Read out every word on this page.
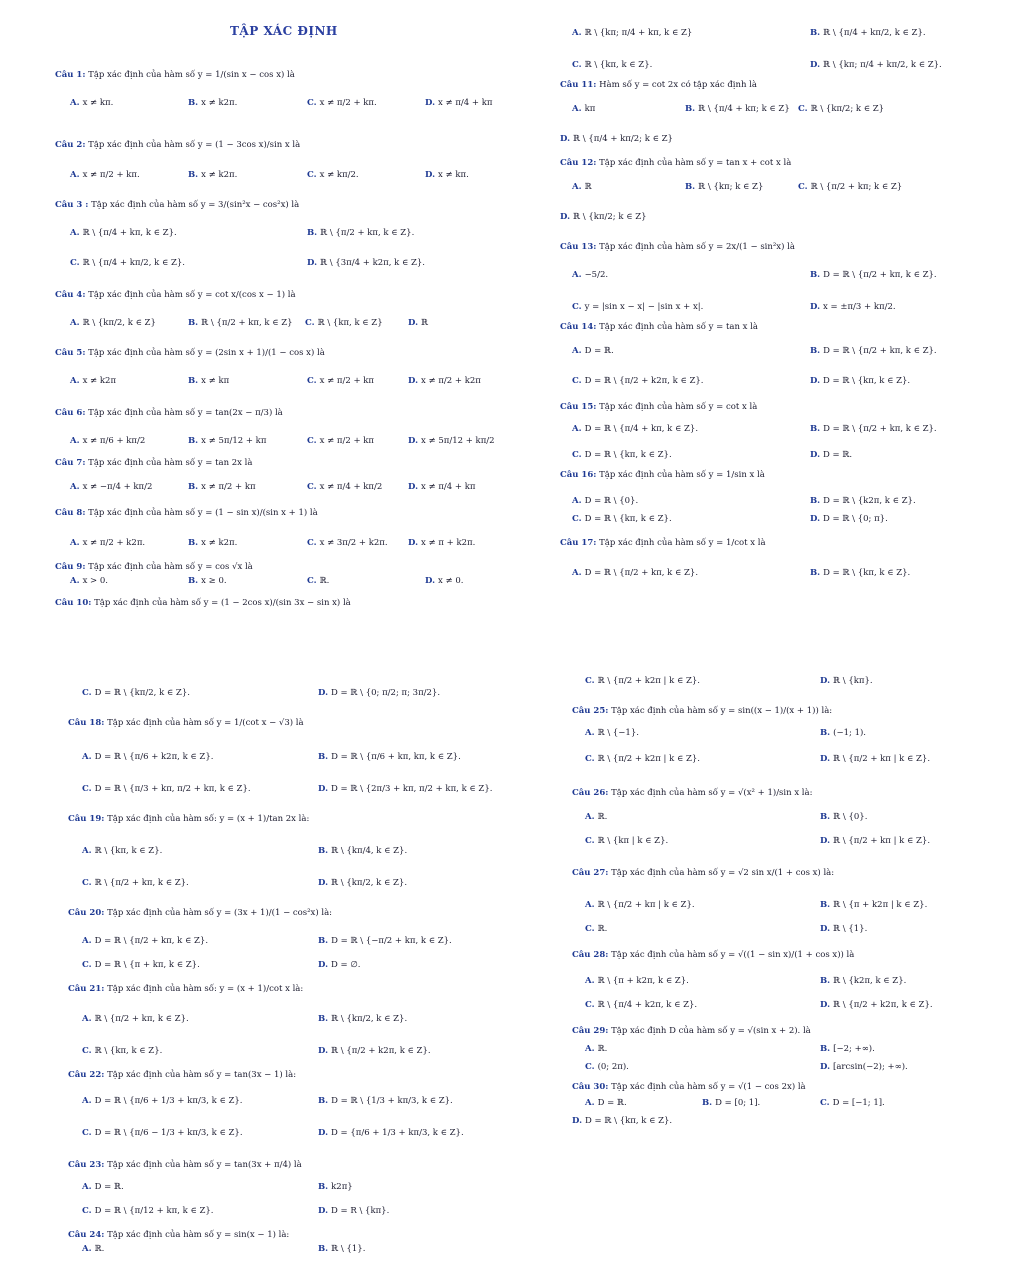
TẬP XÁC ĐỊNH
Câu 1: Tập xác định của hàm số y = 1/(sin x − cos x) là
A. x ≠ kπ.	B. x ≠ k2π.	C. x ≠ π/2 + kπ.	D. x ≠ π/4 + kπ
Câu 2: Tập xác định của hàm số y = (1 − 3cos x)/sin x là
A. x ≠ π/2 + kπ.	B. x ≠ k2π.	C. x ≠ kπ/2.	D. x ≠ kπ.
Câu 3 : Tập xác định của hàm số y = 3/(sin²x − cos²x) là
A. ℝ \ {π/4 + kπ, k ∈ Z}.	B. ℝ \ {π/2 + kπ, k ∈ Z}.
C. ℝ \ {π/4 + kπ/2, k ∈ Z}.	D. ℝ \ {3π/4 + k2π, k ∈ Z}.
Câu 4: Tập xác định của hàm số y = cot x/(cos x − 1) là
A. ℝ \ {kπ/2, k ∈ Z}	B. ℝ \ {π/2 + kπ, k ∈ Z} C. ℝ \ {kπ, k ∈ Z}	D. ℝ
Câu 5: Tập xác định của hàm số y = (2sin x + 1)/(1 − cos x) là
A. x ≠ k2π	B. x ≠ kπ	C. x ≠ π/2 + kπ	D. x ≠ π/2 + k2π
Câu 6: Tập xác định của hàm số y = tan(2x − π/3) là
A. x ≠ π/6 + kπ/2	B. x ≠ 5π/12 + kπ	C. x ≠ π/2 + kπ	D. x ≠ 5π/12 + kπ/2
Câu 7: Tập xác định của hàm số y = tan 2x là
A. x ≠ −π/4 + kπ/2	B. x ≠ π/2 + kπ	C. x ≠ π/4 + kπ/2	D. x ≠ π/4 + kπ
Câu 8: Tập xác định của hàm số y = (1 − sin x)/(sin x + 1) là
A. x ≠ π/2 + k2π.	B. x ≠ k2π.	C. x ≠ 3π/2 + k2π. D. x ≠ π + k2π.
Câu 9: Tập xác định của hàm số y = cos √x là
A. x > 0.	B. x ≥ 0.	C. ℝ.	D. x ≠ 0.
Câu 10: Tập xác định của hàm số y = (1 − 2cos x)/(sin 3x − sin x) là
A. ℝ \ {kπ; π/4 + kπ, k ∈ Z}	B. ℝ \ {π/4 + kπ/2, k ∈ Z}.
C. ℝ \ {kπ, k ∈ Z}.	D. ℝ \ {kπ; π/4 + kπ/2, k ∈ Z}.
Câu 11: Hàm số y = cot 2x có tập xác định là
A. kπ	B. ℝ \ {π/4 + kπ; k ∈ Z} C. ℝ \ {kπ/2; k ∈ Z}
D. ℝ \ {π/4 + kπ/2; k ∈ Z}
Câu 12: Tập xác định của hàm số y = tan x + cot x là
A. ℝ	B. ℝ \ {kπ; k ∈ Z}	C. ℝ \ {π/2 + kπ; k ∈ Z}
D. ℝ \ {kπ/2; k ∈ Z}
Câu 13: Tập xác định của hàm số y = 2x/(1 − sin²x) là
A. −5/2.	B. D = ℝ \ {π/2 + kπ, k ∈ Z}.
C. y = |sin x − x| − |sin x + x|.	D. x = ±π/3 + kπ/2.
Câu 14: Tập xác định của hàm số y = tan x là
A. D = ℝ.	B. D = ℝ \ {π/2 + kπ, k ∈ Z}.
C. D = ℝ \ {π/2 + k2π, k ∈ Z}.	D. D = ℝ \ {kπ, k ∈ Z}.
Câu 15: Tập xác định của hàm số y = cot x là
A. D = ℝ \ {π/4 + kπ, k ∈ Z}.	B. D = ℝ \ {π/2 + kπ, k ∈ Z}.
C. D = ℝ \ {kπ, k ∈ Z}.	D. D = ℝ.
Câu 16: Tập xác định của hàm số y = 1/sin x là
A. D = ℝ \ {0}.	B. D = ℝ \ {k2π, k ∈ Z}.
C. D = ℝ \ {kπ, k ∈ Z}.	D. D = ℝ \ {0; π}.
Câu 17: Tập xác định của hàm số y = 1/cot x là
A. D = ℝ \ {π/2 + kπ, k ∈ Z}.	B. D = ℝ \ {kπ, k ∈ Z}.
C. D = ℝ \ {kπ/2, k ∈ Z}.	D. D = ℝ \ {0; π/2; π; 3π/2}.
Câu 18: Tập xác định của hàm số y = 1/(cot x − √3) là
A. D = ℝ \ {π/6 + k2π, k ∈ Z}.	B. D = ℝ \ {π/6 + kπ, kπ, k ∈ Z}.
C. D = ℝ \ {π/3 + kπ, π/2 + kπ, k ∈ Z}.	D. D = ℝ \ {2π/3 + kπ, π/2 + kπ, k ∈ Z}.
Câu 19: Tập xác định của hàm số: y = (x + 1)/tan 2x là:
A. ℝ \ {kπ, k ∈ Z}.	B. ℝ \ {kπ/4, k ∈ Z}.
C. ℝ \ {π/2 + kπ, k ∈ Z}.	D. ℝ \ {kπ/2, k ∈ Z}.
Câu 20: Tập xác định của hàm số y = (3x + 1)/(1 − cos²x) là:
A. D = ℝ \ {π/2 + kπ, k ∈ Z}.	B. D = ℝ \ {−π/2 + kπ, k ∈ Z}.
C. D = ℝ \ {π + kπ, k ∈ Z}.	D. D = ∅.
Câu 21: Tập xác định của hàm số: y = (x + 1)/cot x là:
A. ℝ \ {π/2 + kπ, k ∈ Z}.	B. ℝ \ {kπ/2, k ∈ Z}.
C. ℝ \ {kπ, k ∈ Z}.	D. ℝ \ {π/2 + k2π, k ∈ Z}.
Câu 22: Tập xác định của hàm số y = tan(3x − 1) là:
A. D = ℝ \ {π/6 + 1/3 + kπ/3, k ∈ Z}.	B. D = ℝ \ {1/3 + kπ/3, k ∈ Z}.
C. D = ℝ \ {π/6 − 1/3 + kπ/3, k ∈ Z}.	D. D = {π/6 + 1/3 + kπ/3, k ∈ Z}.
Câu 23: Tập xác định của hàm số y = tan(3x + π/4) là
A. D = ℝ.	B. k2π}
C. D = ℝ \ {π/12 + kπ, k ∈ Z}.	D. D = R \ {kπ}.
Câu 24: Tập xác định của hàm số y = sin(x − 1) là:
A. ℝ.	B. ℝ \ {1}.
C. ℝ \ {π/2 + k2π | k ∈ Z}.	D. ℝ \ {kπ}.
Câu 25: Tập xác định của hàm số y = sin((x − 1)/(x + 1)) là:
A. ℝ \ {−1}.	B. (−1; 1).
C. ℝ \ {π/2 + k2π | k ∈ Z}.	D. ℝ \ {π/2 + kπ | k ∈ Z}.
Câu 26: Tập xác định của hàm số y = √(x² + 1)/sin x là:
A. ℝ.	B. ℝ \ {0}.
C. ℝ \ {kπ | k ∈ Z}.	D. ℝ \ {π/2 + kπ | k ∈ Z}.
Câu 27: Tập xác định của hàm số y = √2 sin x/(1 + cos x) là:
A. ℝ \ {π/2 + kπ | k ∈ Z}.	B. ℝ \ {π + k2π | k ∈ Z}.
C. ℝ.	D. ℝ \ {1}.
Câu 28: Tập xác định của hàm số y = √((1 − sin x)/(1 + cos x)) là
A. ℝ \ {π + k2π, k ∈ Z}.	B. ℝ \ {k2π, k ∈ Z}.
C. ℝ \ {π/4 + k2π, k ∈ Z}.	D. ℝ \ {π/2 + k2π, k ∈ Z}.
Câu 29: Tập xác định D của hàm số y = √(sin x + 2). là
A. ℝ.	B. [−2; +∞).
C. (0; 2π).	D. [arcsin(−2); +∞).
Câu 30: Tập xác định của hàm số y = √(1 − cos 2x) là
A. D = ℝ.	B. D = [0; 1].	C. D = [−1; 1].
D. D = ℝ \ {kπ, k ∈ Z}.
